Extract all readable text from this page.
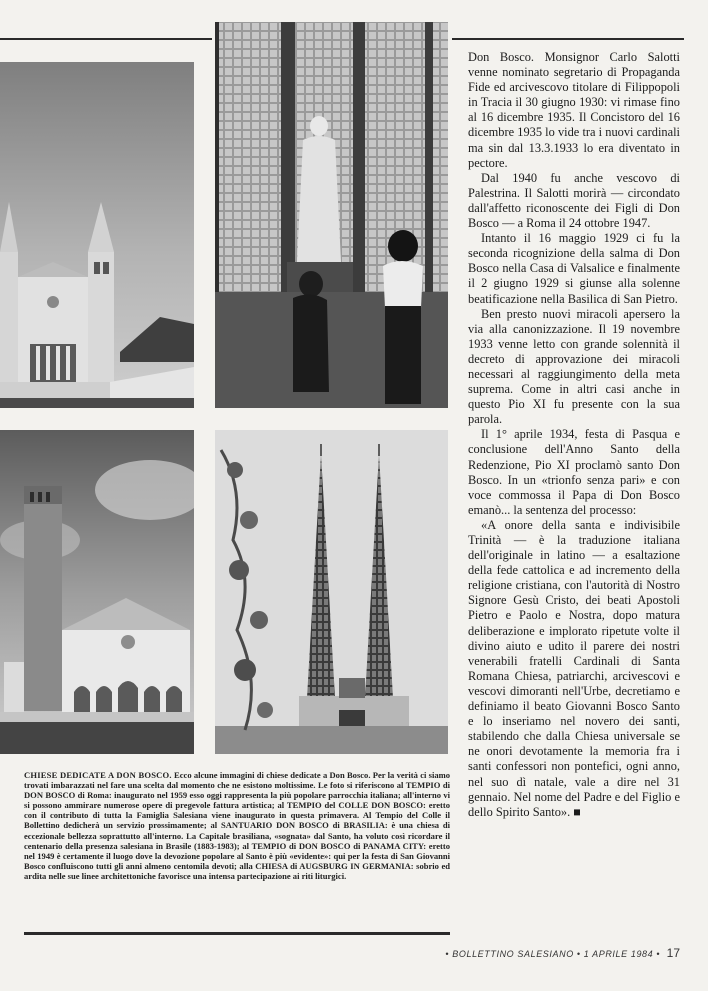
Don Bosco. Monsignor Carlo Salotti venne nominato segretario di Propaganda Fide ed arcivescovo titolare di Filippopoli in Tracia il 30 giugno 1930: vi rimase fino al 16 dicembre 1935. Il Concistoro del 16 dicembre 1935 lo vide tra i nuovi cardinali ma sin dal 13.3.1933 lo era diventato in pectore.

Dal 1940 fu anche vescovo di Palestrina. Il Salotti morirà — circondato dall'affetto riconoscente dei Figli di Don Bosco — a Roma il 24 ottobre 1947.

Intanto il 16 maggio 1929 ci fu la seconda ricognizione della salma di Don Bosco nella Casa di Valsalice e finalmente il 2 giugno 1929 si giunse alla solenne beatificazione nella Basilica di San Pietro.

Ben presto nuovi miracoli apersero la via alla canonizzazione. Il 19 novembre 1933 venne letto con grande solennità il decreto di approvazione dei miracoli necessari al raggiungimento della meta suprema. Come in altri casi anche in questo Pio XI fu presente con la sua parola.

Il 1° aprile 1934, festa di Pasqua e conclusione dell'Anno Santo della Redenzione, Pio XI proclamò santo Don Bosco. In un «trionfo senza pari» e con voce commossa il Papa di Don Bosco emanò... la sentenza del processo:

«A onore della santa e indivisibile Trinità — è la traduzione italiana dell'originale in latino — a esaltazione della fede cattolica e ad incremento della religione cristiana, con l'autorità di Nostro Signore Gesù Cristo, dei beati Apostoli Pietro e Paolo e Nostra, dopo matura deliberazione e implorato ripetute volte il divino aiuto e udito il parere dei nostri venerabili fratelli Cardinali di Santa Romana Chiesa, patriarchi, arcivescovi e vescovi dimoranti nell'Urbe, decretiamo e definiamo il beato Giovanni Bosco Santo e lo inseriamo nel novero dei santi, stabilendo che dalla Chiesa universale se ne onori devotamente la memoria fra i santi confessori non pontefici, ogni anno, nel suo dì natale, vale a dire nel 31 gennaio. Nel nome del Padre e del Figlio e dello Spirito Santo». ■

CHIESE DEDICATE A DON BOSCO. Ecco alcune immagini di chiese dedicate a Don Bosco. Per la verità ci siamo trovati imbarazzati nel fare una scelta dal momento che ne esistono moltissime. Le foto si riferiscono al TEMPIO di DON BOSCO di Roma: inaugurato nel 1959 esso oggi rappresenta la più popolare parrocchia italiana; all'interno vi si possono ammirare numerose opere di pregevole fattura artistica; al TEMPIO del COLLE DON BOSCO: eretto con il contributo di tutta la Famiglia Salesiana viene inaugurato in questa primavera. Al Tempio del Colle il Bollettino dedicherà un servizio prossimamente; al SANTUARIO DON BOSCO di BRASILIA: è una chiesa di eccezionale bellezza soprattutto all'interno. La Capitale brasiliana, «sognata» dal Santo, ha voluto così ricordare il centenario della presenza salesiana in Brasile (1883-1983); al TEMPIO di DON BOSCO di PANAMA CITY: eretto nel 1949 è certamente il luogo dove la devozione popolare al Santo è più «evidente»: qui per la festa di San Giovanni Bosco confluiscono tutti gli anni almeno centomila devoti; alla CHIESA di AUGSBURG IN GERMANIA: sobrio ed ardita nelle sue linee architettoniche favorisce una intensa partecipazione ai riti liturgici.
• BOLLETTINO SALESIANO • 1 APRILE 1984 • 17
